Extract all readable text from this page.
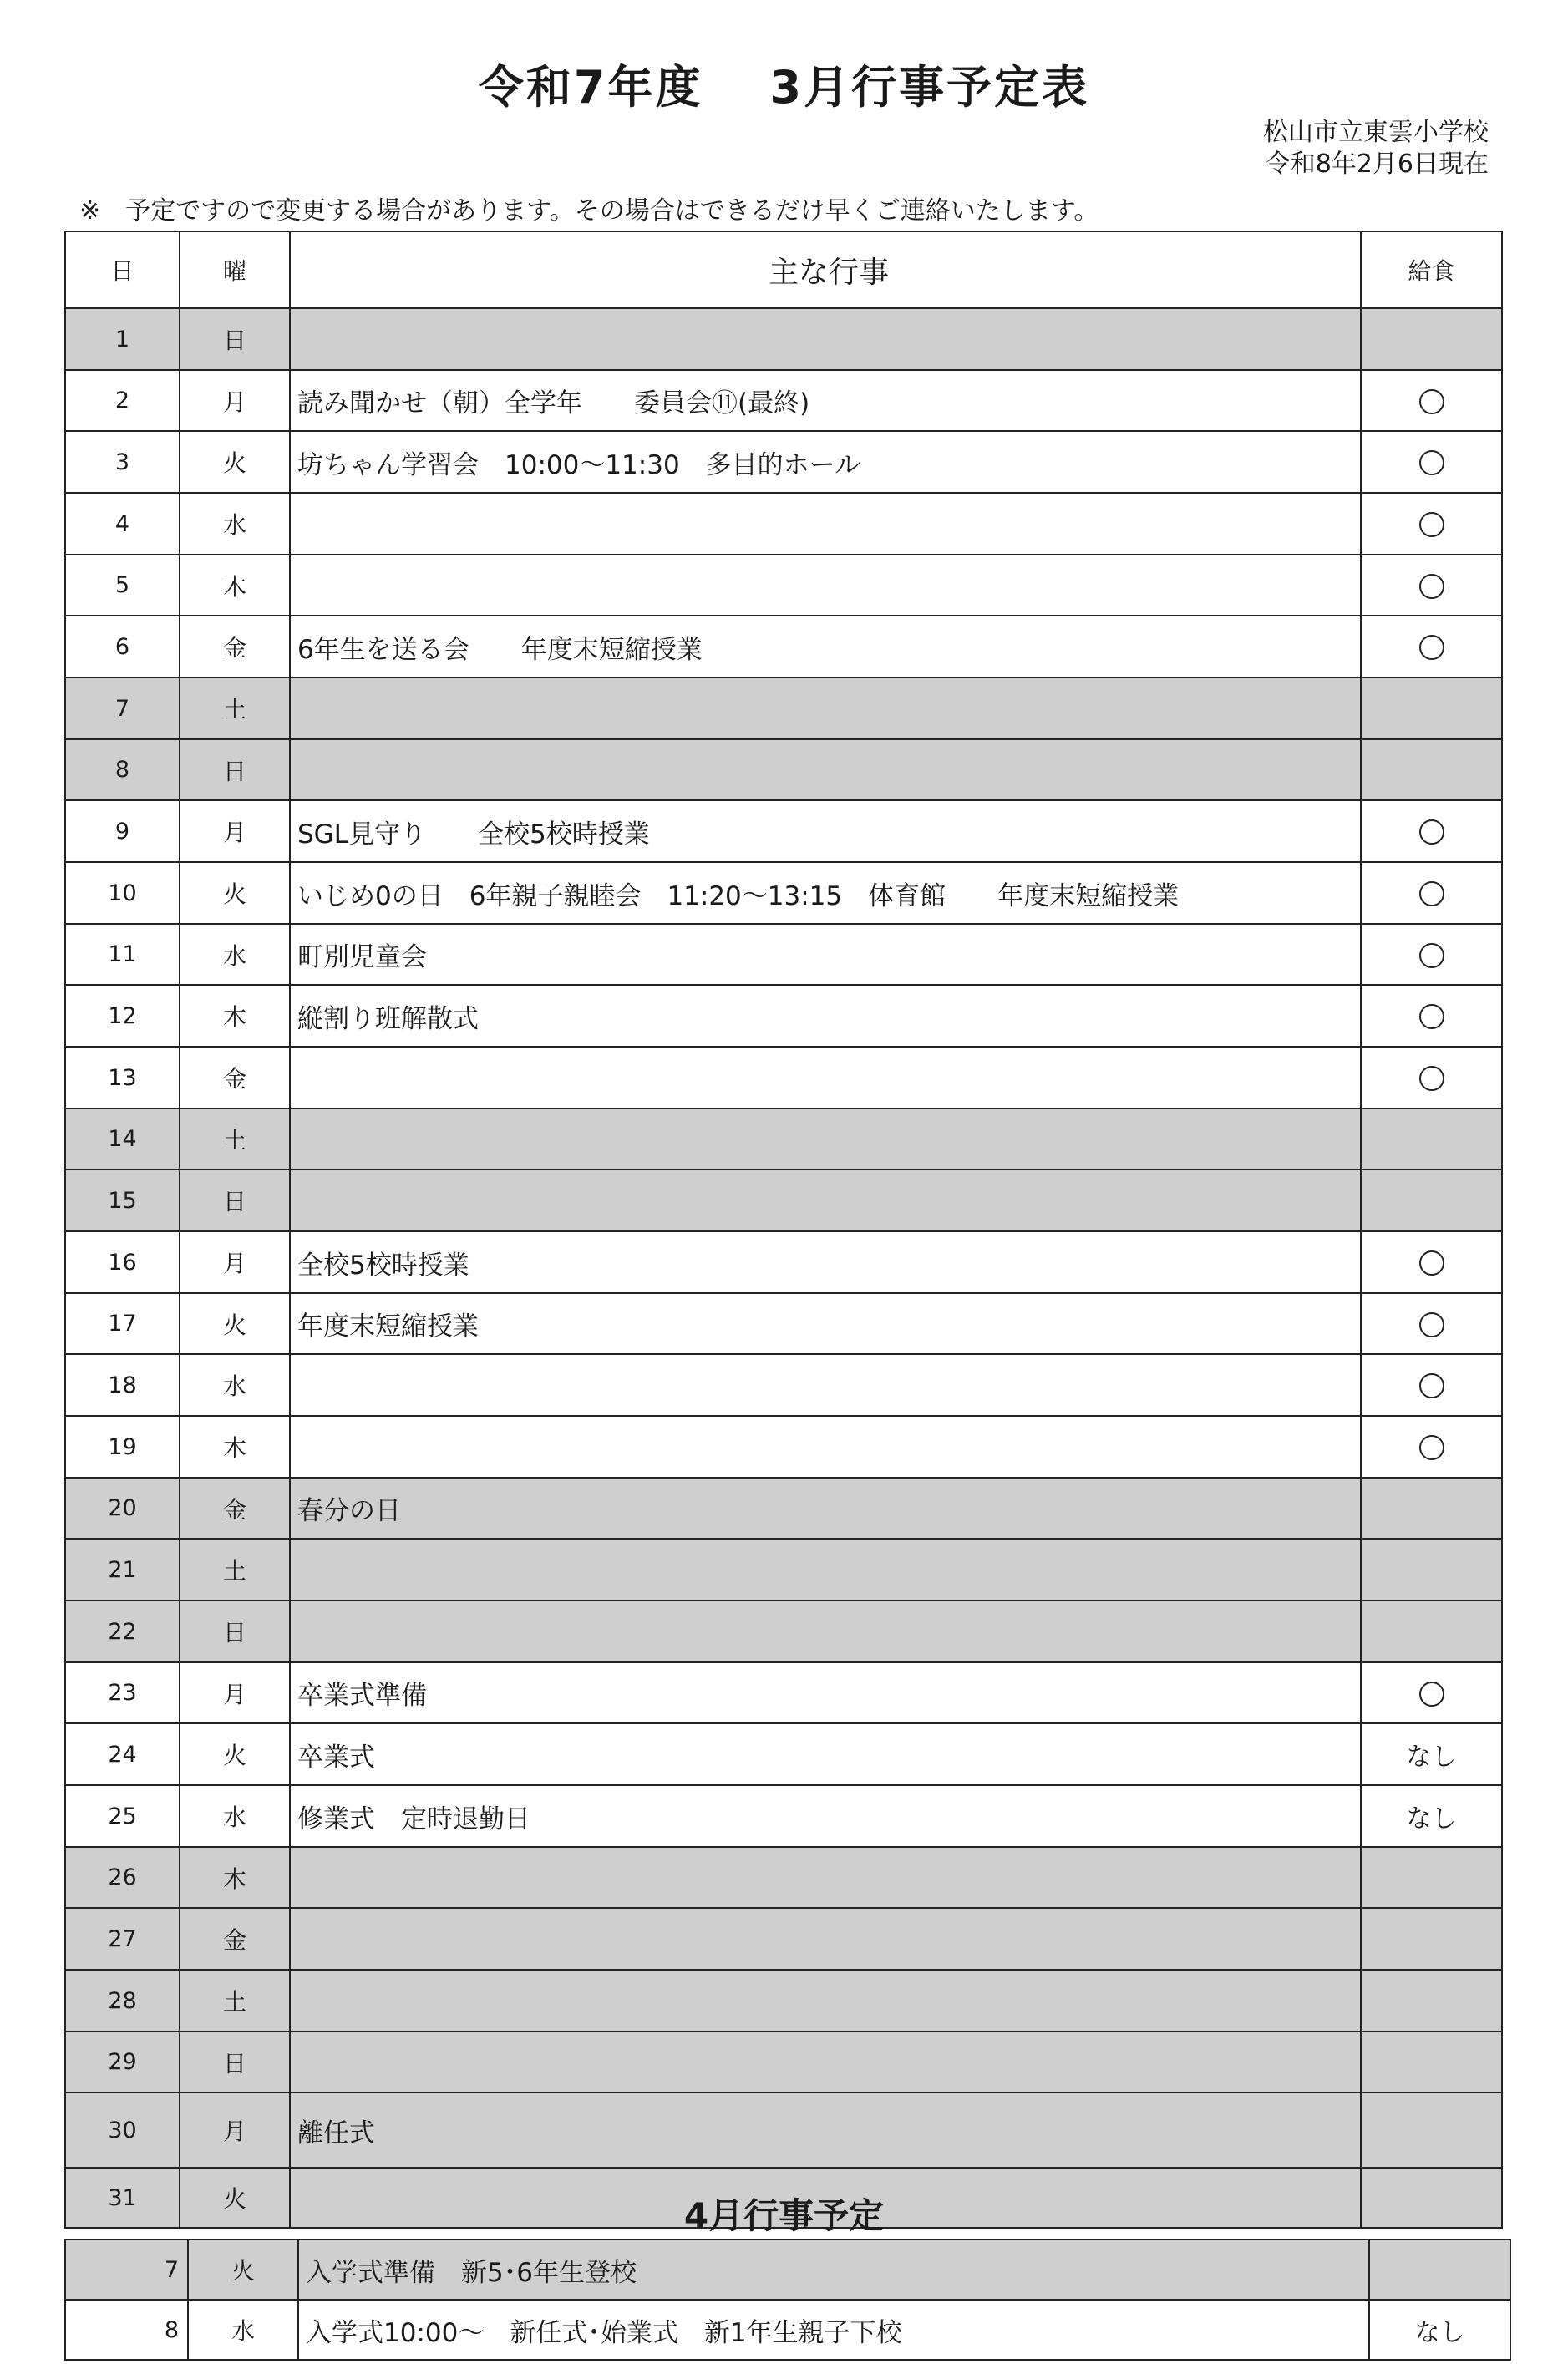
令和7年度 3月行事予定表
松山市立東雲小学校
令和8年2月6日現在
※　予定ですので変更する場合があります。その場合はできるだけ早くご連絡いたします。
日	曜	主な行事	給食
1	日		
2	月	読み聞かせ（朝）全学年　　委員会⑪(最終)	
3	火	坊ちゃん学習会　10:00～11:30　多目的ホール	
4	水		
5	木		
6	金	6年生を送る会　　年度末短縮授業	
7	土		
8	日		
9	月	SGL見守り　　全校5校時授業	
10	火	いじめ0の日　6年親子親睦会　11:20～13:15　体育館　　年度末短縮授業	
11	水	町別児童会	
12	木	縦割り班解散式	
13	金		
14	土		
15	日		
16	月	全校5校時授業	
17	火	年度末短縮授業	
18	水		
19	木		
20	金	春分の日	
21	土		
22	日		
23	月	卒業式準備	
24	火	卒業式	なし
25	水	修業式　定時退勤日	なし
26	木		
27	金		
28	土		
29	日		
30	月	離任式	
31	火			4月行事予定
7	火	入学式準備　新5･6年生登校	
8	水	入学式10:00～　新任式･始業式　新1年生親子下校	なし
